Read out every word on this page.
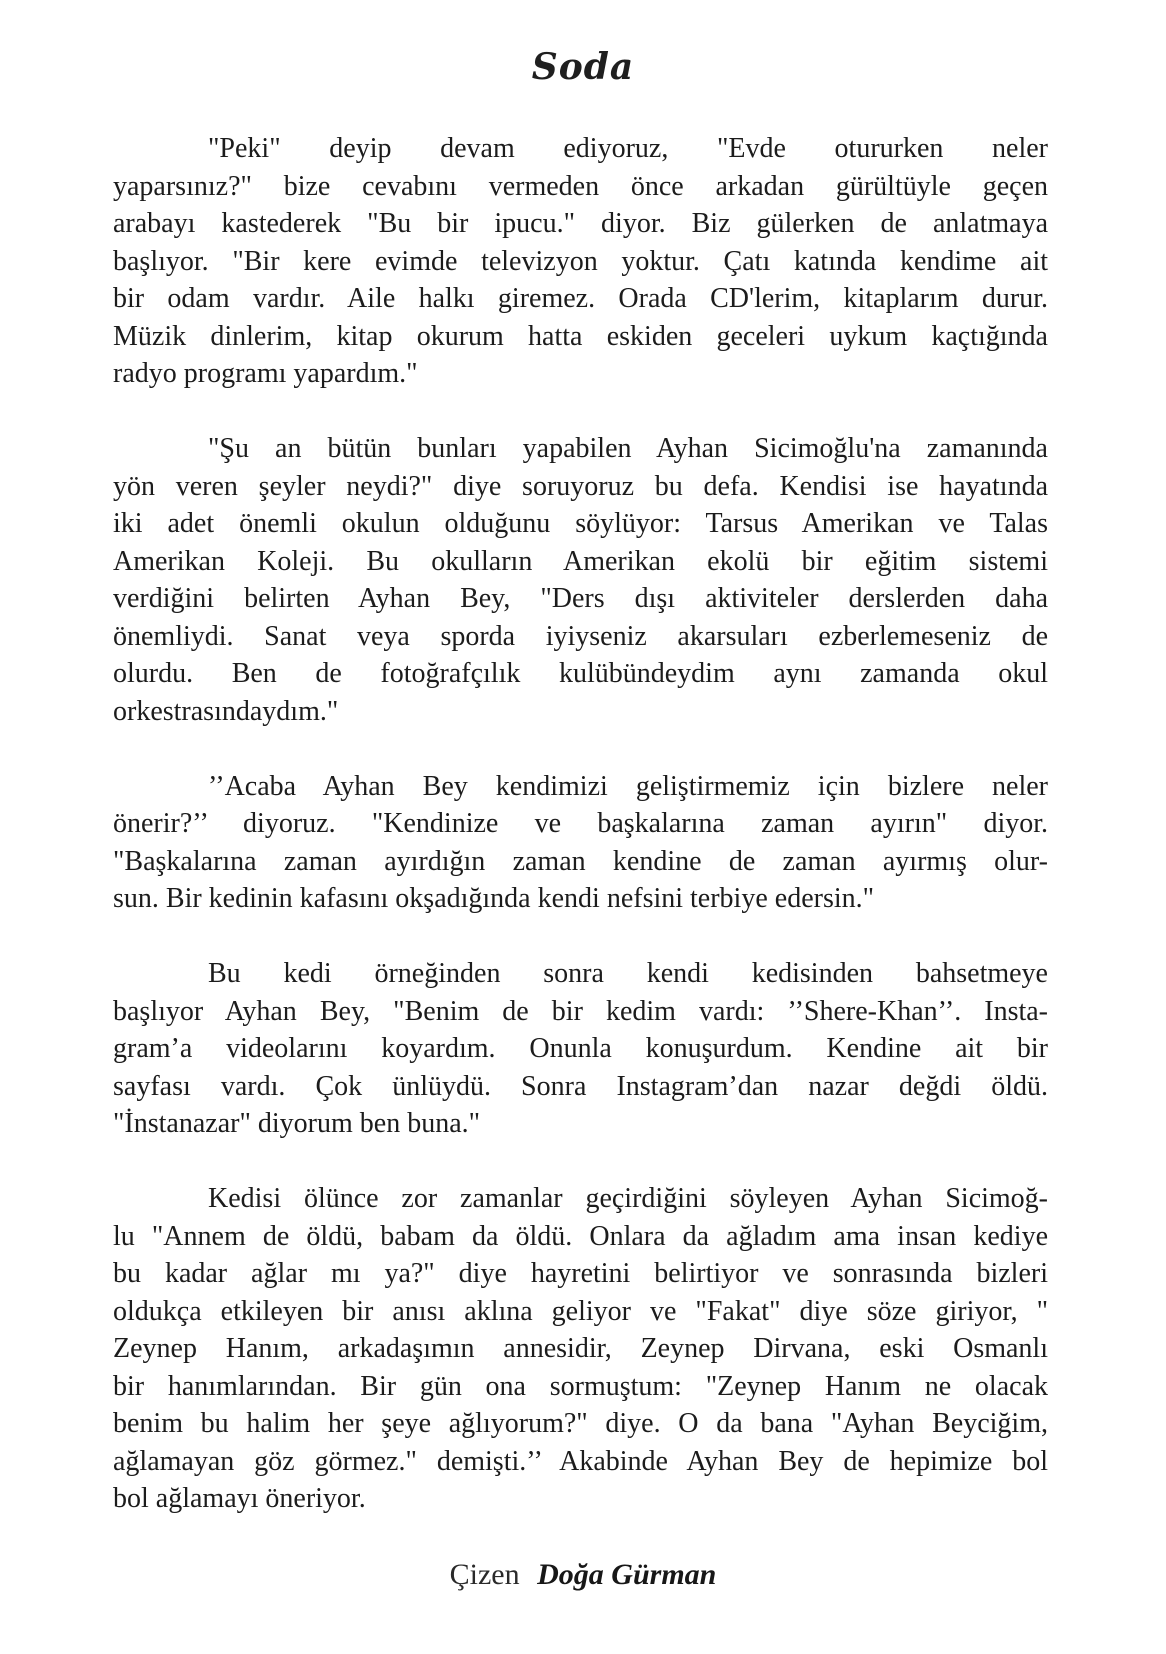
Soda
"Peki" deyip devam ediyoruz, "Evde otururken neler
yaparsınız?" bize cevabını vermeden önce arkadan gürültüyle geçen
arabayı kastederek "Bu bir ipucu." diyor. Biz gülerken de anlatmaya
başlıyor. "Bir kere evimde televizyon yoktur. Çatı katında kendime ait
bir odam vardır. Aile halkı giremez. Orada CD'lerim, kitaplarım durur.
Müzik dinlerim, kitap okurum hatta eskiden geceleri uykum kaçtığında
radyo programı yapardım."
"Şu an bütün bunları yapabilen Ayhan Sicimoğlu'na zamanında
yön veren şeyler neydi?" diye soruyoruz bu defa. Kendisi ise hayatında
iki adet önemli okulun olduğunu söylüyor: Tarsus Amerikan ve Talas
Amerikan Koleji. Bu okulların Amerikan ekolü bir eğitim sistemi
verdiğini belirten Ayhan Bey, "Ders dışı aktiviteler derslerden daha
önemliydi. Sanat veya sporda iyiyseniz akarsuları ezberlemeseniz de
olurdu. Ben de fotoğrafçılık kulübündeydim aynı zamanda okul
orkestrasındaydım."
’’Acaba Ayhan Bey kendimizi geliştirmemiz için bizlere neler
önerir?’’ diyoruz. "Kendinize ve başkalarına zaman ayırın" diyor.
"Başkalarına zaman ayırdığın zaman kendine de zaman ayırmış olur-
sun. Bir kedinin kafasını okşadığında kendi nefsini terbiye edersin."
Bu kedi örneğinden sonra kendi kedisinden bahsetmeye
başlıyor Ayhan Bey, "Benim de bir kedim vardı: ’’Shere-Khan’’. Insta-
gram’a videolarını koyardım. Onunla konuşurdum. Kendine ait bir
sayfası vardı. Çok ünlüydü. Sonra Instagram’dan nazar değdi öldü.
"İnstanazar" diyorum ben buna."
Kedisi ölünce zor zamanlar geçirdiğini söyleyen Ayhan Sicimoğ-
lu "Annem de öldü, babam da öldü. Onlara da ağladım ama insan kediye
bu kadar ağlar mı ya?" diye hayretini belirtiyor ve sonrasında bizleri
oldukça etkileyen bir anısı aklına geliyor ve "Fakat" diye söze giriyor, "
Zeynep Hanım, arkadaşımın annesidir, Zeynep Dirvana, eski Osmanlı
bir hanımlarından. Bir gün ona sormuştum: "Zeynep Hanım ne olacak
benim bu halim her şeye ağlıyorum?" diye. O da bana "Ayhan Beyciğim,
ağlamayan göz görmez." demişti.’’ Akabinde Ayhan Bey de hepimize bol
bol ağlamayı öneriyor.
Çizen Doğa Gürman
